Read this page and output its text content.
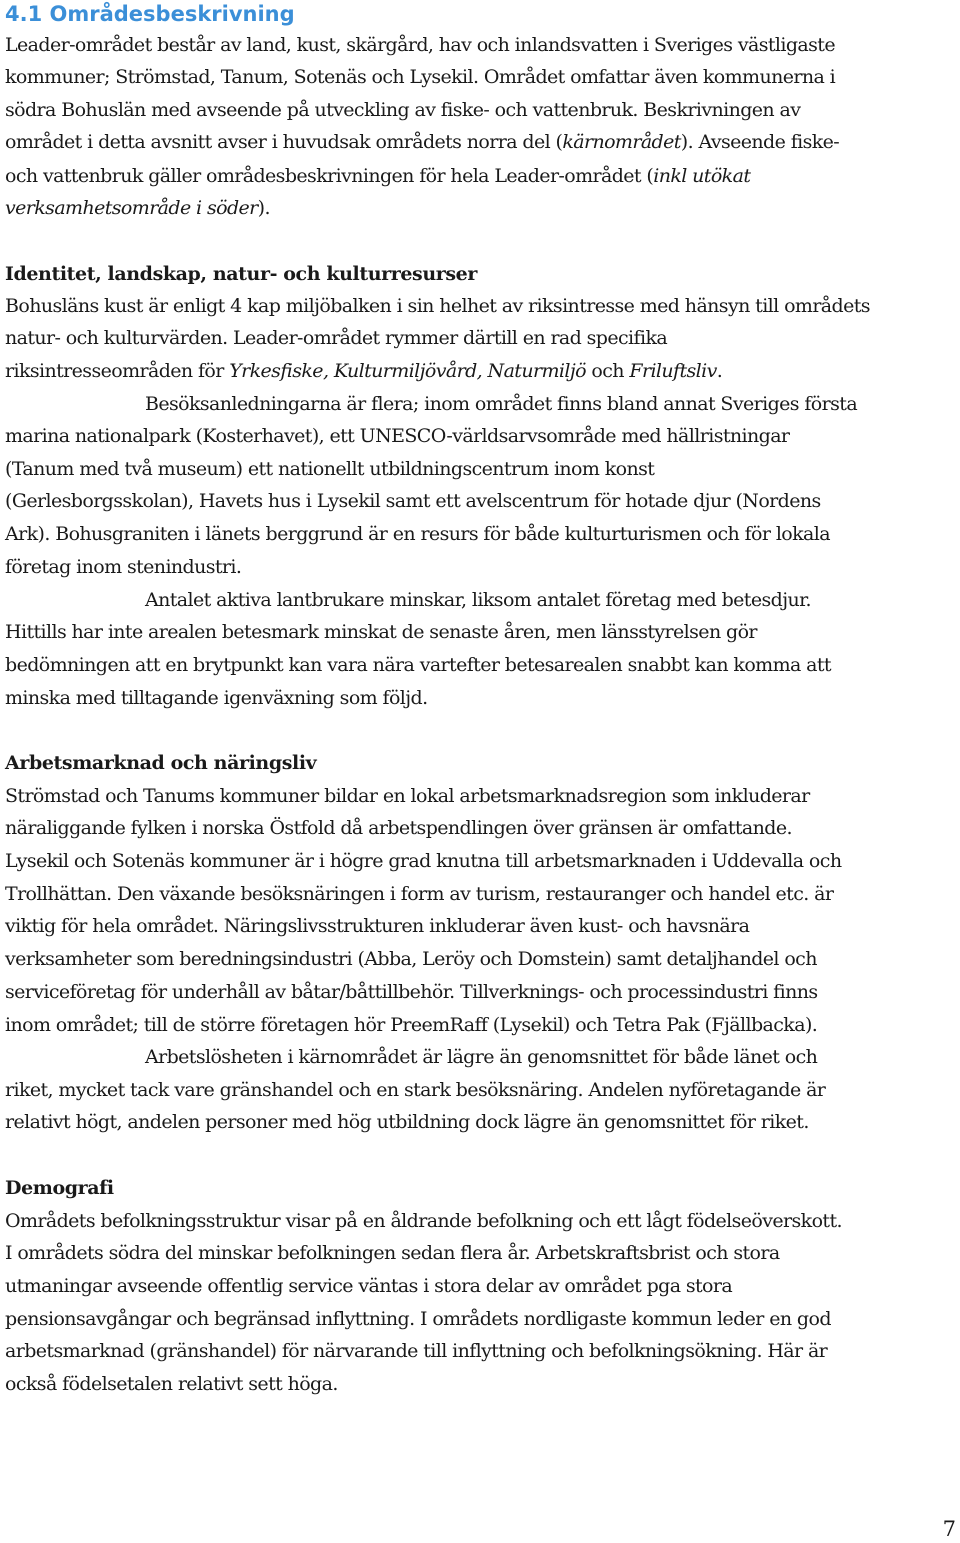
4.1 Områdesbeskrivning

Leader-området består av land, kust, skärgård, hav och inlandsvatten i Sveriges västligaste

kommuner; Strömstad, Tanum, Sotenäs och Lysekil. Området omfattar även kommunerna i

södra Bohuslän med avseende på utveckling av fiske- och vattenbruk. Beskrivningen av

området i detta avsnitt avser i huvudsak områdets norra del (kärnområdet). Avseende fiske-

och vattenbruk gäller områdesbeskrivningen för hela Leader-området (inkl utökat

verksamhetsområde i söder).

Identitet, landskap, natur- och kulturresurser

Bohusläns kust är enligt 4 kap miljöbalken i sin helhet av riksintresse med hänsyn till områdets

natur- och kulturvärden. Leader-området rymmer därtill en rad specifika

riksintresseområden för Yrkesfiske, Kulturmiljövård, Naturmiljö och Friluftsliv.

Besöksanledningarna är flera; inom området finns bland annat Sveriges första

marina nationalpark (Kosterhavet), ett UNESCO-världsarvsområde med hällristningar

(Tanum med två museum) ett nationellt utbildningscentrum inom konst

(Gerlesborgsskolan), Havets hus i Lysekil samt ett avelscentrum för hotade djur (Nordens

Ark). Bohusgraniten i länets berggrund är en resurs för både kulturturismen och för lokala

företag inom stenindustri.

Antalet aktiva lantbrukare minskar, liksom antalet företag med betesdjur.

Hittills har inte arealen betesmark minskat de senaste åren, men länsstyrelsen gör

bedömningen att en brytpunkt kan vara nära vartefter betesarealen snabbt kan komma att

minska med tilltagande igenväxning som följd.

Arbetsmarknad och näringsliv

Strömstad och Tanums kommuner bildar en lokal arbetsmarknadsregion som inkluderar

näraliggande fylken i norska Östfold då arbetspendlingen över gränsen är omfattande.

Lysekil och Sotenäs kommuner är i högre grad knutna till arbetsmarknaden i Uddevalla och

Trollhättan. Den växande besöksnäringen i form av turism, restauranger och handel etc. är

viktig för hela området. Näringslivsstrukturen inkluderar även kust- och havsnära

verksamheter som beredningsindustri (Abba, Leröy och Domstein) samt detaljhandel och

serviceföretag för underhåll av båtar/båttillbehör. Tillverknings- och processindustri finns

inom området; till de större företagen hör PreemRaff (Lysekil) och Tetra Pak (Fjällbacka).

Arbetslösheten i kärnområdet är lägre än genomsnittet för både länet och

riket, mycket tack vare gränshandel och en stark besöksnäring. Andelen nyföretagande är

relativt högt, andelen personer med hög utbildning dock lägre än genomsnittet för riket.

Demografi

Områdets befolkningsstruktur visar på en åldrande befolkning och ett lågt födelseöverskott.

I områdets södra del minskar befolkningen sedan flera år. Arbetskraftsbrist och stora

utmaningar avseende offentlig service väntas i stora delar av området pga stora

pensionsavgångar och begränsad inflyttning. I områdets nordligaste kommun leder en god

arbetsmarknad (gränshandel) för närvarande till inflyttning och befolkningsökning. Här är

också födelsetalen relativt sett höga.

7
